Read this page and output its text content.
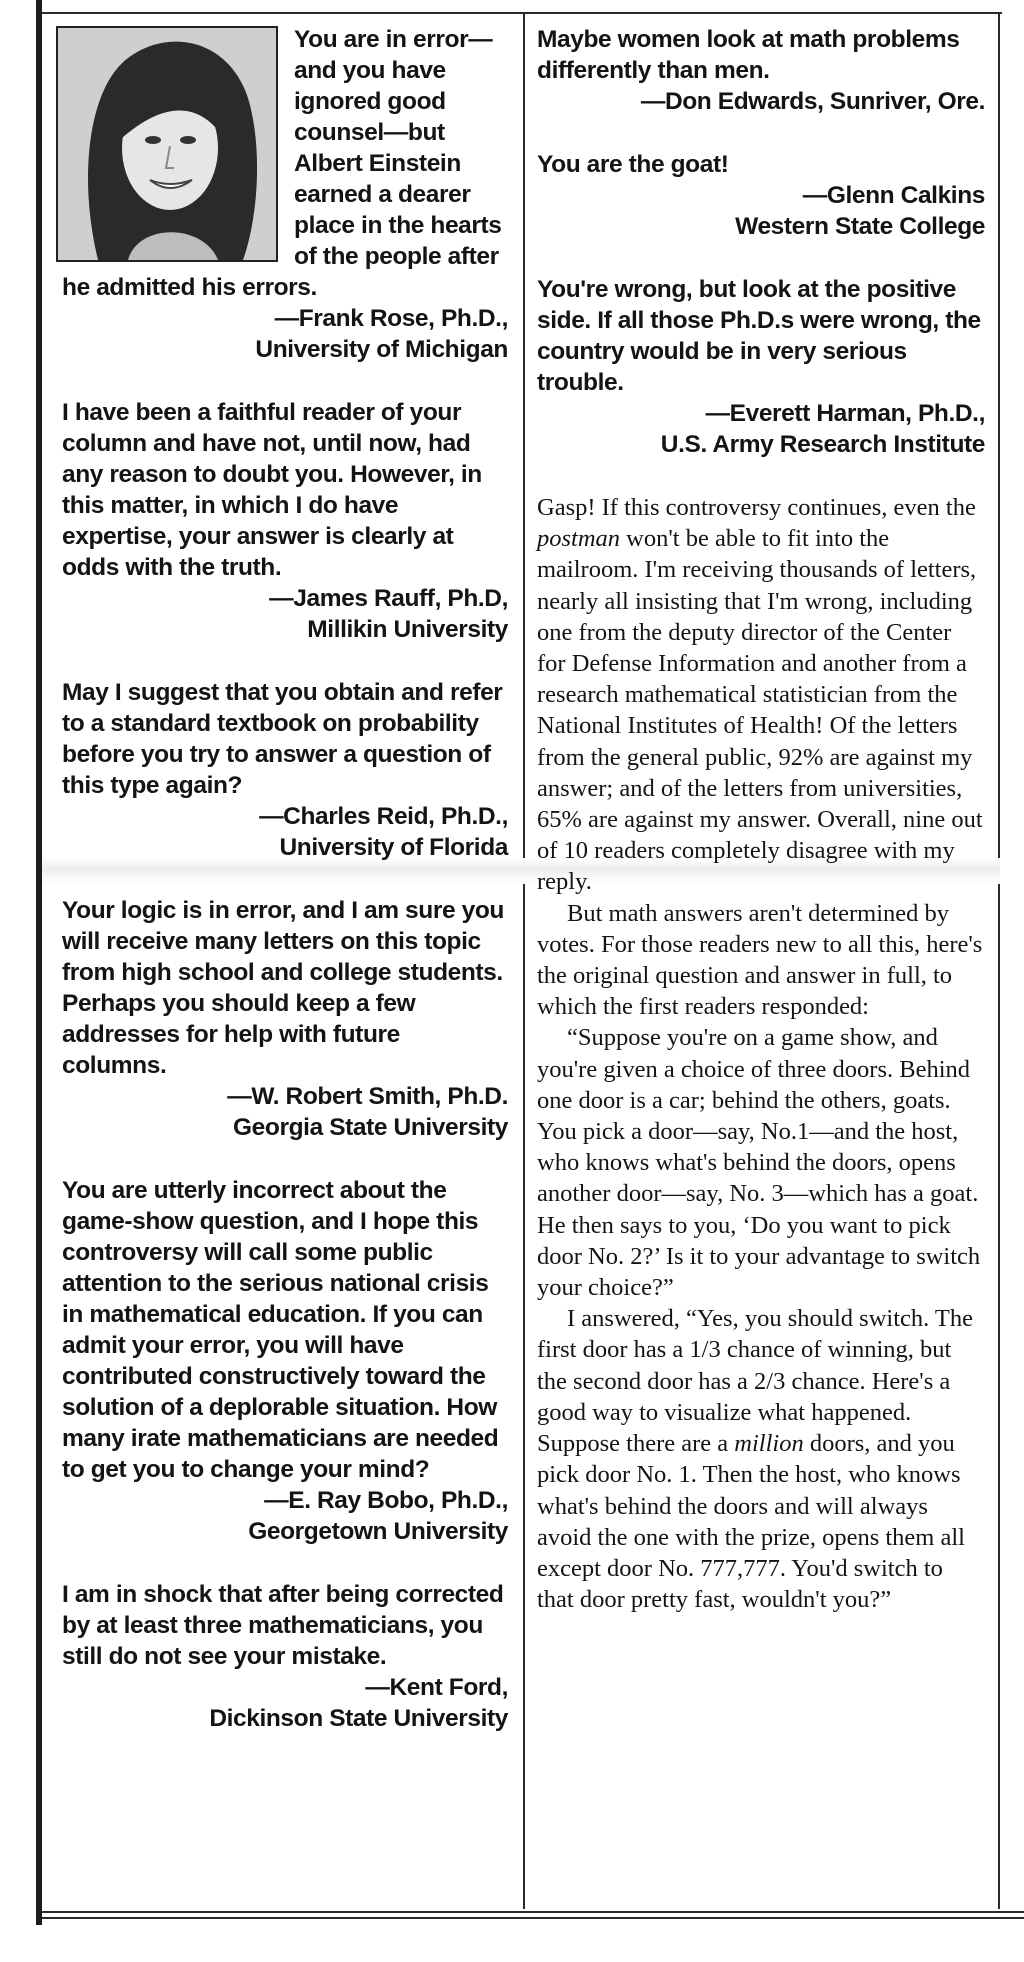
You are in error—and you have ignored good counsel—but Albert Einstein earned a dearer place in the hearts of the people after he admitted his errors.

—Frank Rose, Ph.D.,
University of Michigan

I have been a faithful reader of your column and have not, until now, had any reason to doubt you. However, in this matter, in which I do have expertise, your answer is clearly at odds with the truth.

—James Rauff, Ph.D,
Millikin University

May I suggest that you obtain and refer to a standard textbook on probability before you try to answer a question of this type again?

—Charles Reid, Ph.D.,
University of Florida

Your logic is in error, and I am sure you will receive many letters on this topic from high school and college students. Perhaps you should keep a few addresses for help with future columns.

—W. Robert Smith, Ph.D.
Georgia State University

You are utterly incorrect about the game-show question, and I hope this controversy will call some public attention to the serious national crisis in mathematical education. If you can admit your error, you will have contributed constructively toward the solution of a deplorable situation. How many irate mathematicians are needed to get you to change your mind?

—E. Ray Bobo, Ph.D.,
Georgetown University

I am in shock that after being corrected by at least three mathematicians, you still do not see your mistake.

—Kent Ford,
Dickinson State University

Maybe women look at math problems differently than men.

—Don Edwards, Sunriver, Ore.

You are the goat!

—Glenn Calkins
Western State College

You're wrong, but look at the positive side. If all those Ph.D.s were wrong, the country would be in very serious trouble.

—Everett Harman, Ph.D.,
U.S. Army Research Institute

Gasp! If this controversy continues, even the postman won't be able to fit into the mailroom. I'm receiving thousands of letters, nearly all insisting that I'm wrong, including one from the deputy director of the Center for Defense Information and another from a research mathematical statistician from the National Institutes of Health! Of the letters from the general public, 92% are against my answer; and of the letters from universities, 65% are against my answer. Overall, nine out of 10 readers completely disagree with my reply.

But math answers aren't determined by votes. For those readers new to all this, here's the original question and answer in full, to which the first readers responded:

“Suppose you're on a game show, and you're given a choice of three doors. Behind one door is a car; behind the others, goats. You pick a door—say, No.1—and the host, who knows what's behind the doors, opens another door—say, No. 3—which has a goat. He then says to you, ‘Do you want to pick door No. 2?’ Is it to your advantage to switch your choice?”

I answered, “Yes, you should switch. The first door has a 1/3 chance of winning, but the second door has a 2/3 chance. Here's a good way to visualize what happened. Suppose there are a million doors, and you pick door No. 1. Then the host, who knows what's behind the doors and will always avoid the one with the prize, opens them all except door No. 777,777. You'd switch to that door pretty fast, wouldn't you?”
